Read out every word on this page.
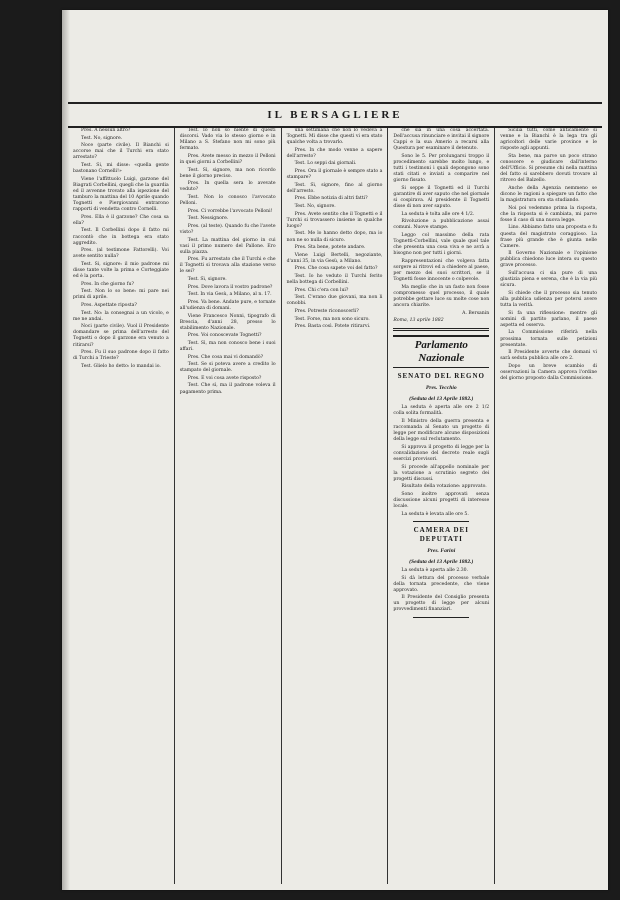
IL BERSAGLIERE

Pres. A nessun altro?

Test. No, signore.

Noce (parte civile). Il Bianchi si accorse mai che il Turchi era stato arrestato?

Test. Si, mi disse: «quella gente bastonano Cornelli!»

Viene l'affittuolo Luigi, garzone del Biagrati Corbellini, quegli che la guardia ed il avvenne trovato alla ispezione del tamburo la mattina del 10 Aprile quando Tognetti e Piergiovanni entrarono rapporti di vendetta contro Cornelli.

Pres. Ella è il garzone? Che cosa sa ella?

Test. Il Corbellini dopo il fatto mi raccontò che in bottega era stato aggredito.

Pres. (al testimone Fattorelli). Voi avete sentito nulla?

Test. Si, signore: il mio padrone mi disse tante volte la prima e Corteggiate ed è la porta.

Pres. In che giorno fu?

Test. Non lo so bene: mi pare nei primi di aprile.

Pres. Aspettate riposta?

Test. No: la consegnai a un vicolo, e me ne andai.

Noci (parte civile). Vuol il Presidente domandare se prima dell'arresto del Tognetti o dopo il garzone era venuto a ritirarsi?

Pres. Fu il suo padrone dopo il fatto di Turchi a Trieste?

Test. Glielo ho detto: lo mandai io.

Test. Io non so niente di questi discorsi. Vado via lo stesso giorno e in Milano a S. Stefano non mi sono più fermato.

Pres. Avete messo in mezzo il Pelloni in quei giorni a Corbellini?

Test. Sì, signore, ma non ricordo bene il giorno preciso.

Pres. In quella sera lo avevate veduto?

Test. Non lo conosco l'avvocato Pelloni.

Pres. Ci vorrebbe l'avvocato Pelloni!

Test. Nessignore.

Pres. (al teste). Quando fu che l'avete visto?

Test. La mattina del giorno in cui vasi il primo numero del Pallone. Ero sulla piazza.

Pres. Fu arrestato che il Turchi e che il Tognetti si trovava alla stazione verso le sei?

Test. Sì, signore.

Pres. Dove lavora il vostro padrone?

Test. In via Gesù, a Milano, al n. 17.

Pres. Va bene. Andate pure, e tornate all'udienza di domani.

Viene Francesco Nonni, tipografo di Brescia, d'anni 28, presso lo stabilimento Nazionale.

Pres. Voi conoscevate Tognetti?

Test. Sì, ma non conosco bene i suoi affari.

Pres. Che cosa mai vi domandò?

Test. Se si poteva avere a credito lo stampato del giornale.

Pres. E voi cosa avete risposto?

Test. Che sì, ma il padrone voleva il pagamento prima.

una settimana che non lo vedeva a Tognetti. Mi disse che questi vi era stato qualche volta a trovarlo.

Pres. In che modo venne a sapere dell'arresto?

Test. Lo seppi dai giornali.

Pres. Ora il giornale è sempre stato a stampare?

Test. Sì, signore, fino al giorno dell'arresto.

Pres. Ebbe notizia di altri fatti?

Test. No, signore.

Pres. Avete sentito che il Tognetti e il Turchi si trovassero insieme in qualche luogo?

Test. Me lo hanno detto dopo, ma io non ne so nulla di sicuro.

Pres. Sta bene, potete andare.

Viene Luigi Bertelli, negoziante, d'anni 35, in via Gesù, a Milano.

Pres. Che cosa sapete voi del fatto?

Test. Io ho veduto il Turchi ferito nella bottega di Corbellini.

Pres. Chi c'era con lui?

Test. C'erano due giovani, ma non li conobbi.

Pres. Potreste riconoscerli?

Test. Forse, ma non sono sicuro.

Pres. Basta così. Potete ritirarvi.

che sia in una cosa accertata. Dell'accusa rinunciare e invitai il signore Cappi e la sua Amerio a recarsi alla Questura per esaminare il detenuto.

Sono le 5. Per prolungarsi troppo il procedimento sarebbe molto lungo, e tutti i testimoni i quali depongono sono stati citati e inviati a comparire nel giorno fissato.

Si seppe il Tognetti ed il Turchi garantire di aver saputo che nel giornale si cospirava. Al presidente il Tognetti disse di non aver saputo.

La seduta è tolta alle ore 4 1/2.

Rivoluzione a pubblicazione assai comuni. Nuove stampe.

Leggo col massimo della rata Tognetti-Corbellini, vale quale quel tale che presenta una cosa viva e ne avrà a bisogno non per tutti i giorni.

Rappresentazioni che volgeva fatta sorgere ai ritrovi ed a chiedere al paese, per mezzo dei suoi scrittori, se il Tognetti fosse innocente o colpevole.

Ma meglio che in un fasto non fosse compromesso quel processo, il quale potrebbe gettare luce su molte cose non ancora chiarite.

A. Bersanin

Roma, 13 aprile 1882

Parlamento Nazionale

SENATO DEL REGNO

Pres. Tecchio

(Seduta del 13 Aprile 1882.)

La seduta è aperta alle ore 2 1/2 colla solita formalità.

Il Ministro della guerra presenta e raccomanda al Senato un progetto di legge per modificare alcune disposizioni della legge sul reclutamento.

Si approva il progetto di legge per la convalidazione del decreto reale sugli esercizi provvisori.

Si procede all'appello nominale per la votazione a scrutinio segreto dei progetti discussi.

Risultato della votazione: approvato.

Sono inoltre approvati senza discussione alcuni progetti di interesse locale.

La seduta è levata alle ore 5.

CAMERA DEI DEPUTATI

Pres. Farini

(Seduta del 13 Aprile 1882.)

La seduta è aperta alle 2.30.

Si dà lettura del processo verbale della tornata precedente, che viene approvato.

Il Presidente del Consiglio presenta un progetto di legge per alcuni provvedimenti finanziari.

Sicilia tutti, come anticamente si venne e la Bianchi è la lega tra gli agricoltori delle varie province e le risposte agli appunti.

Sta bene, ma parve un poco strano conoscere e giudicare dall'interno dell'Ufficio. Si presume chi nella mattina del fatto si sarebbero dovuti trovare al ritrovo del Balzello.

Anche della Agenzia nemmeno se dicono le ragioni a spiegare un fatto che la magistratura ora sta studiando.

Noi poi vedemmo prima la risposta, che la risposta si è cambiata, mi parve fosse il caso di una nuova legge.

Lino. Abbiamo fatto una proposta e fu questa del magistrato coraggioso. La frase più grande che è giunta nelle Camere.

Il Governo Nazionale e l'opinione pubblica chiedono luce intera su questo grave processo.

Sull'accusa ci sia pure di una giustizia piena e serena, che è la via più sicura.

Si chiede che il processo sia tenuto alla pubblica udienza per potersi avere tutta la verità.

Si fa una riflessione: mentre gli uomini di partito parlano, il paese aspetta ed osserva.

La Commissione riferirà nella prossima tornata sulle petizioni presentate.

Il Presidente avverte che domani vi sarà seduta pubblica alle ore 2.

Dopo un breve scambio di osservazioni la Camera approva l'ordine del giorno proposto dalla Commissione.
